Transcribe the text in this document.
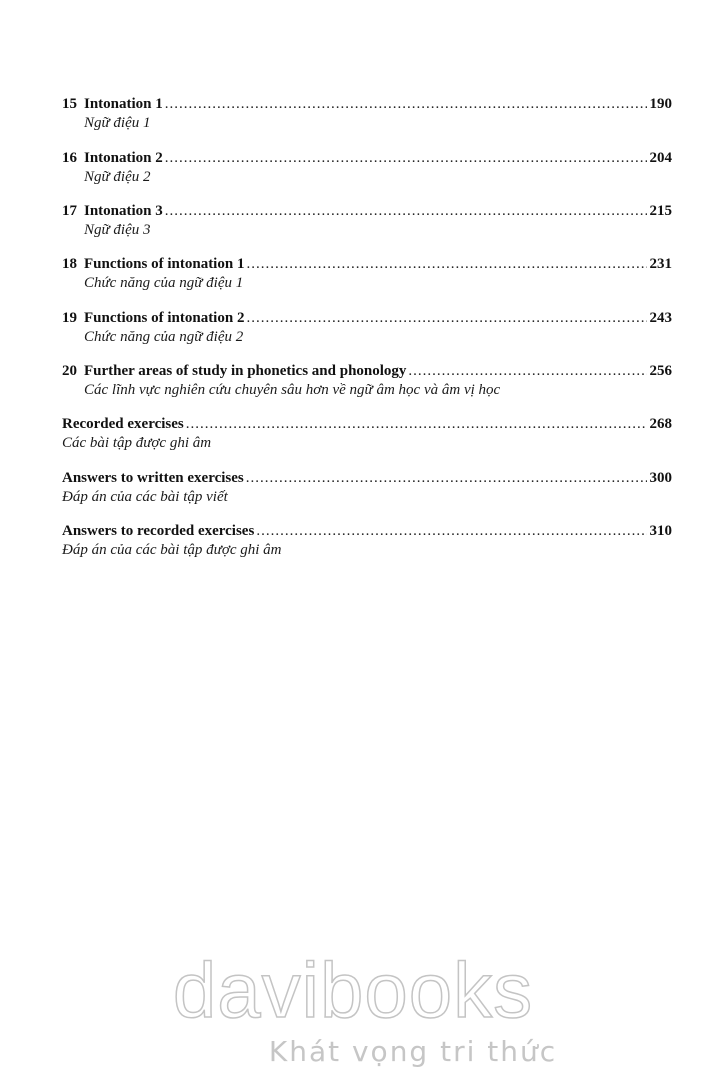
15 Intonation 1 .....	190
Ngữ điệu 1
16 Intonation 2 .....	204
Ngữ điệu 2
17 Intonation 3 .....	215
Ngữ điệu 3
18 Functions of intonation 1 .....	231
Chức năng của ngữ điệu 1
19 Functions of intonation 2 .....	243
Chức năng của ngữ điệu 2
20 Further areas of study in phonetics and phonology .....	256
Các lĩnh vực nghiên cứu chuyên sâu hơn về ngữ âm học và âm vị học
Recorded exercises .....	268
Các bài tập được ghi âm
Answers to written exercises .....	300
Đáp án của các bài tập viết
Answers to recorded exercises .....	310
Đáp án của các bài tập được ghi âm
davibooks
Khát vọng tri thức
